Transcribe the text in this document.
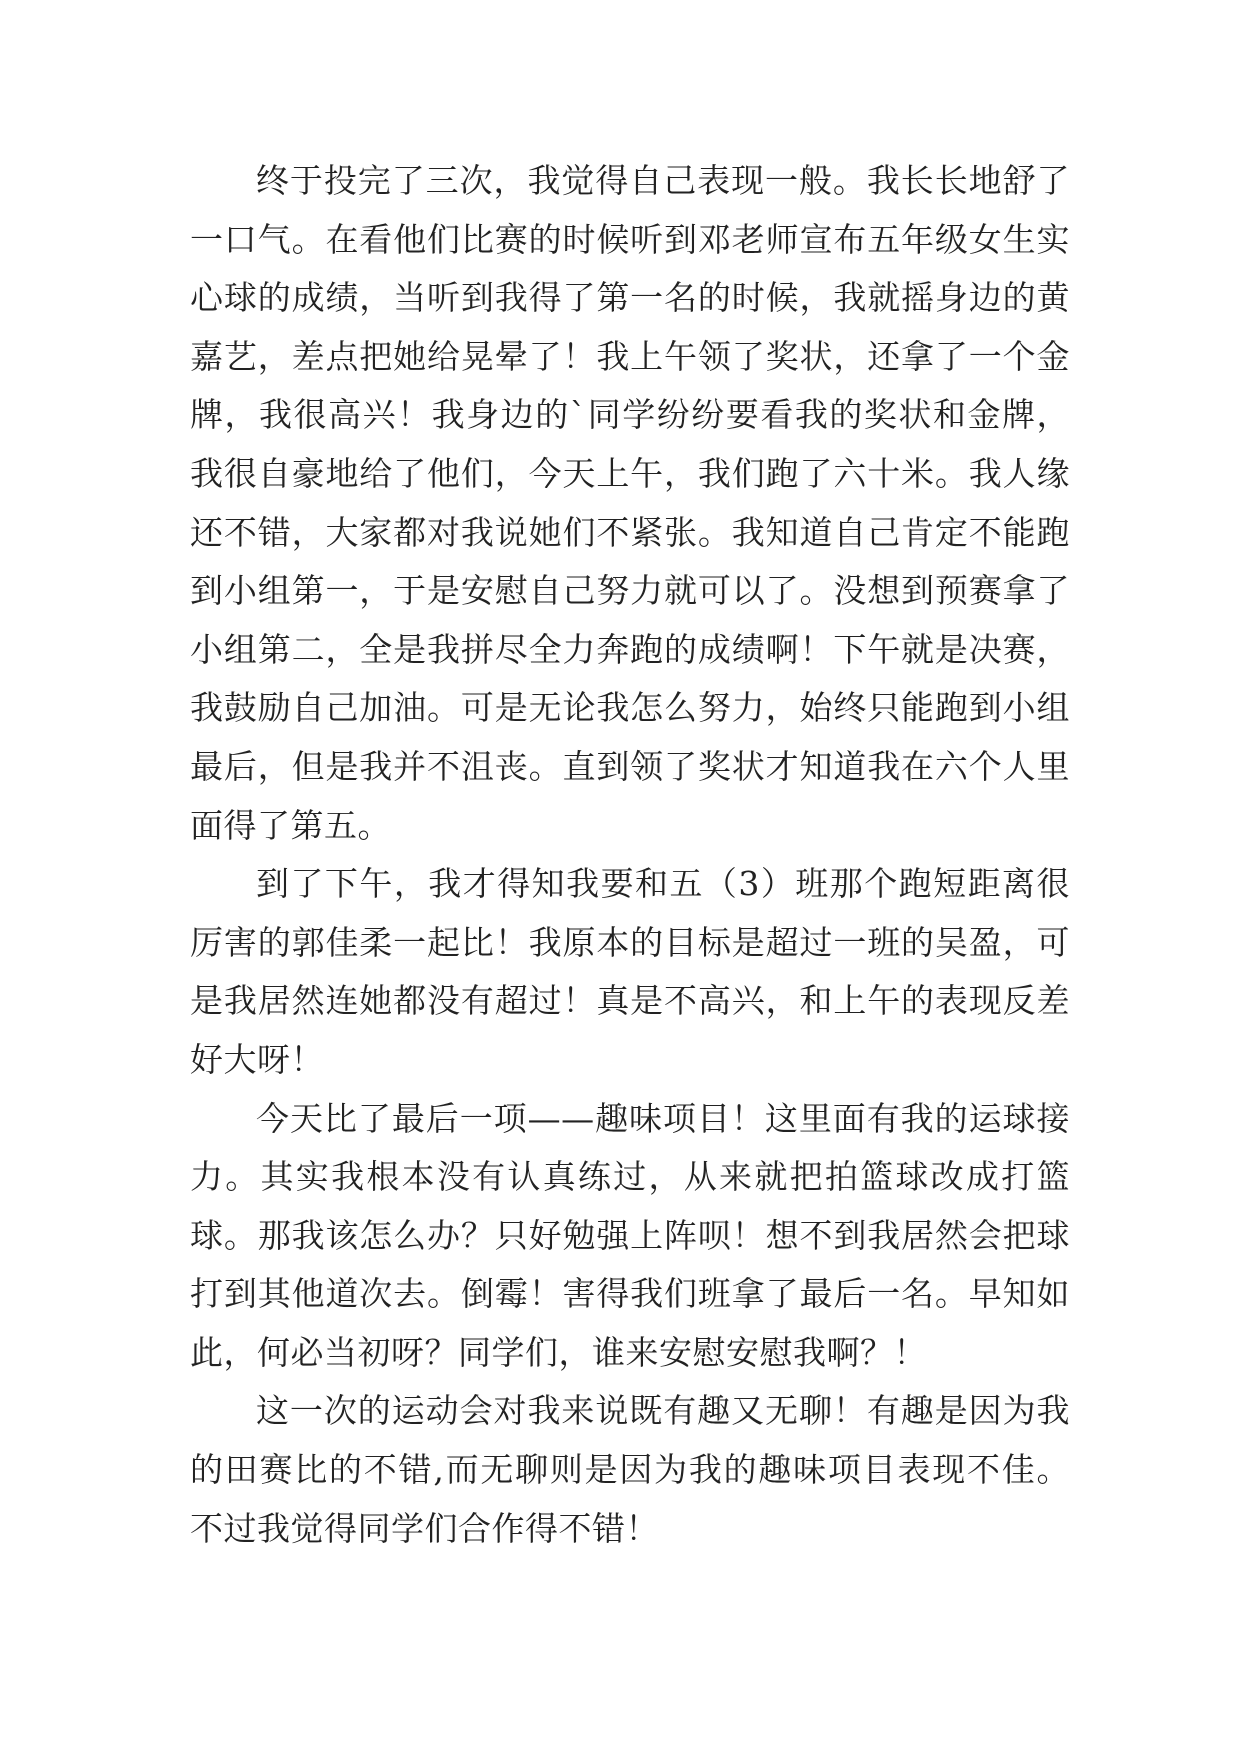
终于投完了三次，我觉得自己表现一般。我长长地舒了一口气。在看他们比赛的时候听到邓老师宣布五年级女生实心球的成绩，当听到我得了第一名的时候，我就摇身边的黄嘉艺，差点把她给晃晕了！我上午领了奖状，还拿了一个金牌，我很高兴！我身边的`同学纷纷要看我的奖状和金牌，我很自豪地给了他们，今天上午，我们跑了六十米。我人缘还不错，大家都对我说她们不紧张。我知道自己肯定不能跑到小组第一，于是安慰自己努力就可以了。没想到预赛拿了小组第二，全是我拼尽全力奔跑的成绩啊！下午就是决赛，我鼓励自己加油。可是无论我怎么努力，始终只能跑到小组最后，但是我并不沮丧。直到领了奖状才知道我在六个人里面得了第五。

到了下午，我才得知我要和五（3）班那个跑短距离很厉害的郭佳柔一起比！我原本的目标是超过一班的吴盈，可是我居然连她都没有超过！真是不高兴，和上午的表现反差好大呀！

今天比了最后一项——趣味项目！这里面有我的运球接力。其实我根本没有认真练过，从来就把拍篮球改成打篮球。那我该怎么办？只好勉强上阵呗！想不到我居然会把球打到其他道次去。倒霉！害得我们班拿了最后一名。早知如此，何必当初呀？同学们，谁来安慰安慰我啊？！

这一次的运动会对我来说既有趣又无聊！有趣是因为我的田赛比的不错,而无聊则是因为我的趣味项目表现不佳。不过我觉得同学们合作得不错！
